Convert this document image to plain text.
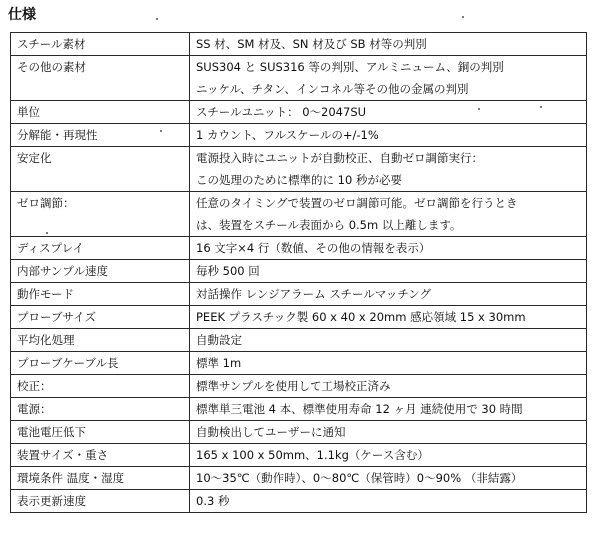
仕様
スチール素材	SS 材、SM 材及、SN 材及び SB 材等の判別

その他の素材	SUS304 と SUS316 等の判別、アルミニューム、銅の判別
ニッケル、チタン、インコネル等その他の金属の判別

単位	スチールユニット： 0～2047SU
分解能・再現性	1 カウント、フルスケールの+/-1%

安定化	電源投入時にユニットが自動校正、自動ゼロ調節実行：
この処理のために標準的に 10 秒が必要

ゼロ調節：	任意のタイミングで装置のゼロ調節可能。ゼロ調節を行うとき
は、装置をスチール表面から 0.5m 以上離します。

ディスプレイ	16 文字×4 行（数値、その他の情報を表示）
内部サンプル速度	毎秒 500 回
動作モード	対話操作 レンジアラーム スチールマッチング
プローブサイズ	PEEK プラスチック製 60 x 40 x 20mm 感応領域 15 x 30mm
平均化処理	自動設定
プローブケーブル長	標準 1m
校正：	標準サンプルを使用して工場校正済み
電源：	標準単三電池 4 本、標準使用寿命 12 ヶ月 連続使用で 30 時間
電池電圧低下	自動検出してユーザーに通知
装置サイズ・重さ	165 x 100 x 50mm、1.1kg（ケース含む）
環境条件 温度・湿度	10～35℃（動作時）、0～80℃（保管時）0～90% （非結露）
表示更新速度	0.3 秒
